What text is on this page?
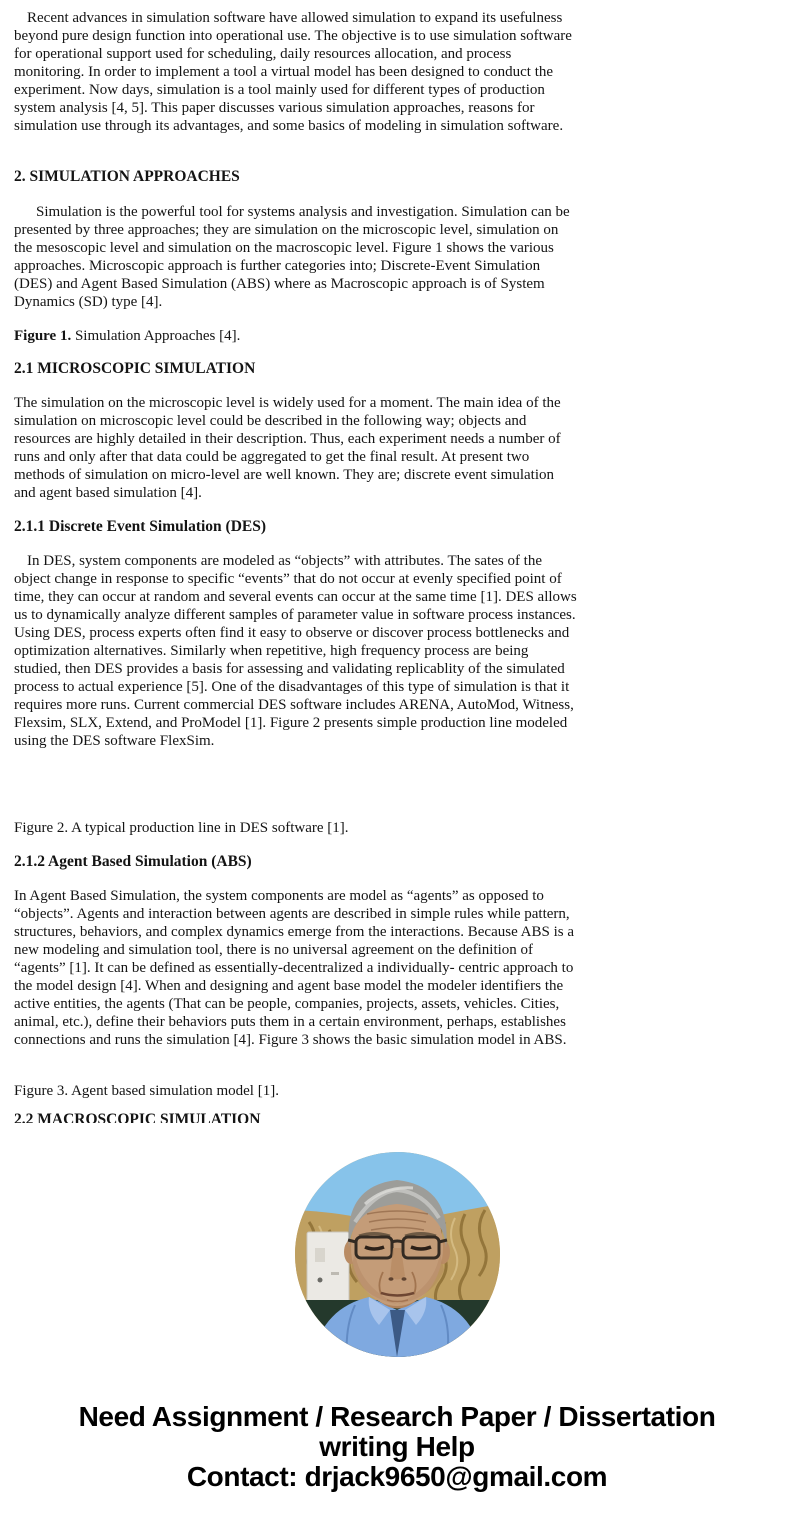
Recent advances in simulation software have allowed simulation to expand its usefulness beyond pure design function into operational use. The objective is to use simulation software for operational support used for scheduling, daily resources allocation, and process monitoring. In order to implement a tool a virtual model has been designed to conduct the experiment. Now days, simulation is a tool mainly used for different types of production system analysis [4, 5]. This paper discusses various simulation approaches, reasons for simulation use through its advantages, and some basics of modeling in simulation software.

2. SIMULATION APPROACHES

Simulation is the powerful tool for systems analysis and investigation. Simulation can be presented by three approaches; they are simulation on the microscopic level, simulation on the mesoscopic level and simulation on the macroscopic level. Figure 1 shows the various approaches. Microscopic approach is further categories into; Discrete-Event Simulation (DES) and Agent Based Simulation (ABS) where as Macroscopic approach is of System Dynamics (SD) type [4].

Figure 1. Simulation Approaches [4].

2.1 MICROSCOPIC SIMULATION

The simulation on the microscopic level is widely used for a moment. The main idea of the simulation on microscopic level could be described in the following way; objects and resources are highly detailed in their description. Thus, each experiment needs a number of runs and only after that data could be aggregated to get the final result. At present two methods of simulation on micro-level are well known. They are; discrete event simulation and agent based simulation [4].

2.1.1 Discrete Event Simulation (DES)

In DES, system components are modeled as “objects” with attributes. The sates of the object change in response to specific “events” that do not occur at evenly specified point of time, they can occur at random and several events can occur at the same time [1]. DES allows us to dynamically analyze different samples of parameter value in software process instances. Using DES, process experts often find it easy to observe or discover process bottlenecks and optimization alternatives. Similarly when repetitive, high frequency process are being studied, then DES provides a basis for assessing and validating replicablity of the simulated process to actual experience [5]. One of the disadvantages of this type of simulation is that it requires more runs. Current commercial DES software includes ARENA, AutoMod, Witness, Flexsim, SLX, Extend, and ProModel [1]. Figure 2 presents simple production line modeled using the DES software FlexSim.

Figure 2. A typical production line in DES software [1].

2.1.2 Agent Based Simulation (ABS)

In Agent Based Simulation, the system components are model as “agents” as opposed to “objects”. Agents and interaction between agents are described in simple rules while pattern, structures, behaviors, and complex dynamics emerge from the interactions. Because ABS is a new modeling and simulation tool, there is no universal agreement on the definition of “agents” [1]. It can be defined as essentially-decentralized a individually- centric approach to the model design [4]. When and designing and agent base model the modeler identifiers the active entities, the agents (That can be people, companies, projects, assets, vehicles. Cities, animal, etc.), define their behaviors puts them in a certain environment, perhaps, establishes connections and runs the simulation [4]. Figure 3 shows the basic simulation model in ABS.

Figure 3. Agent based simulation model [1].

2.2 MACROSCOPIC SIMULATION
Need Assignment / Research Paper / Dissertation
writing Help
Contact: drjack9650@gmail.com
